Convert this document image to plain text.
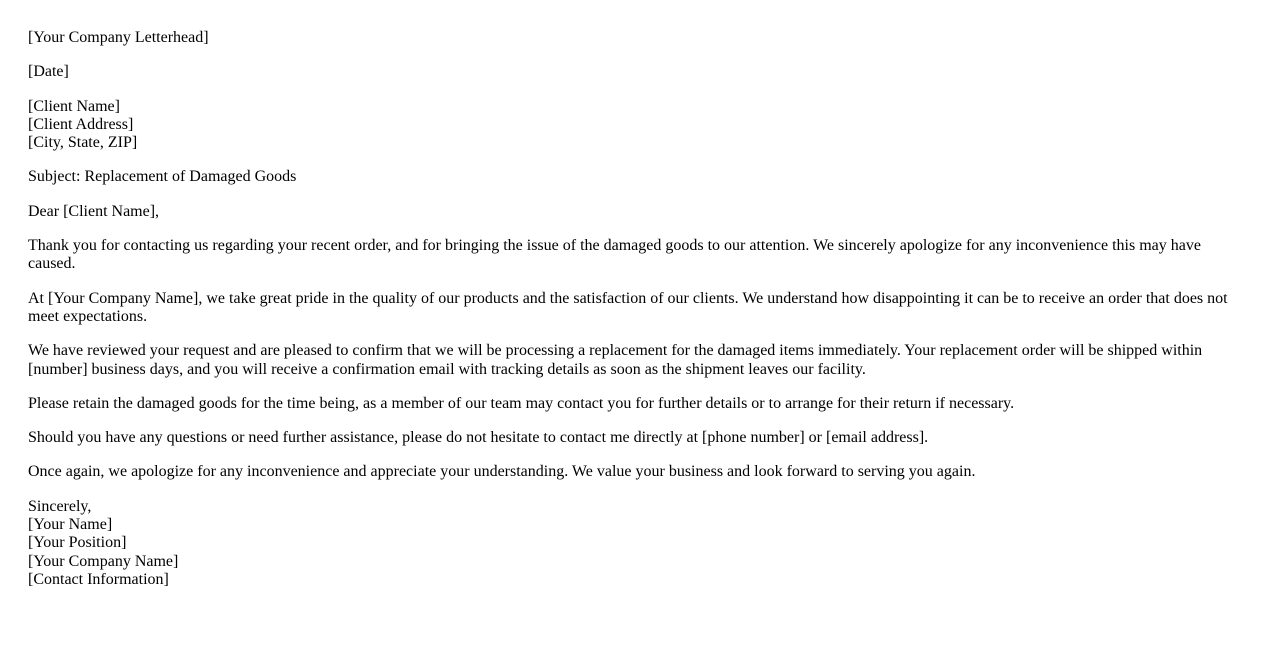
[Your Company Letterhead]

[Date]

[Client Name]
[Client Address]
[City, State, ZIP]

Subject: Replacement of Damaged Goods

Dear [Client Name],

Thank you for contacting us regarding your recent order, and for bringing the issue of the damaged goods to our attention. We sincerely apologize for any inconvenience this may have caused.

At [Your Company Name], we take great pride in the quality of our products and the satisfaction of our clients. We understand how disappointing it can be to receive an order that does not meet expectations.

We have reviewed your request and are pleased to confirm that we will be processing a replacement for the damaged items immediately. Your replacement order will be shipped within [number] business days, and you will receive a confirmation email with tracking details as soon as the shipment leaves our facility.

Please retain the damaged goods for the time being, as a member of our team may contact you for further details or to arrange for their return if necessary.

Should you have any questions or need further assistance, please do not hesitate to contact me directly at [phone number] or [email address].

Once again, we apologize for any inconvenience and appreciate your understanding. We value your business and look forward to serving you again.

Sincerely,
[Your Name]
[Your Position]
[Your Company Name]
[Contact Information]
